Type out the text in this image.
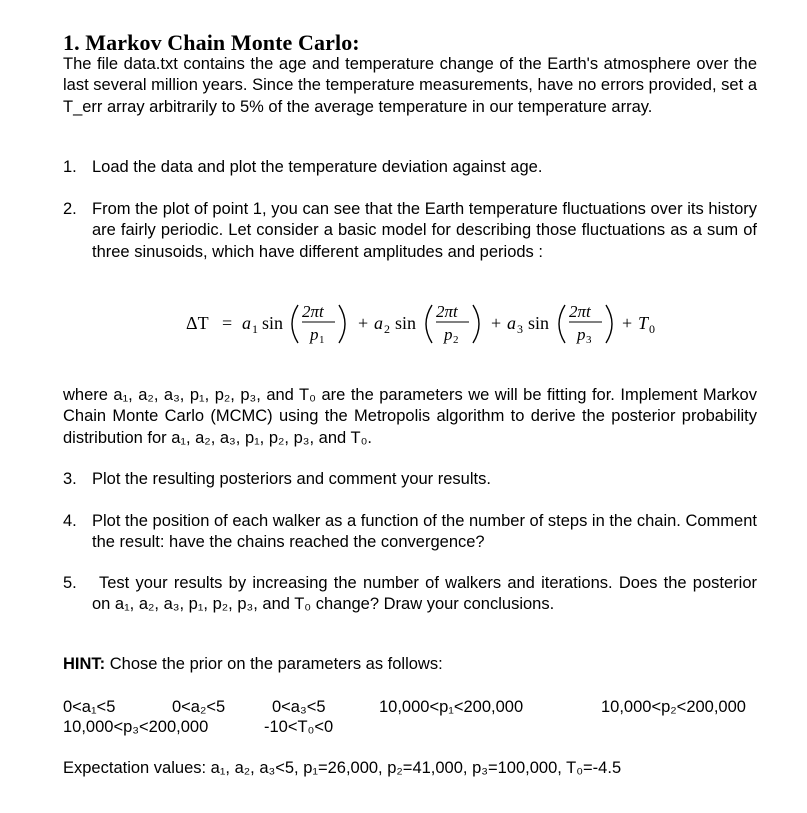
1. Markov Chain Monte Carlo:
The file data.txt contains the age and temperature change of the Earth's atmosphere over the last several million years. Since the temperature measurements, have no errors provided, set a T_err array arbitrarily to 5% of the average temperature in our temperature array.
1. Load the data and plot the temperature deviation against age.
2. From the plot of point 1, you can see that the Earth temperature fluctuations over its history are fairly periodic. Let consider a basic model for describing those fluctuations as a sum of three sinusoids, which have different amplitudes and periods :
ΔT = a 1 sin
2πt
p 1
+ a 2 sin
2πt
p 2
+ a 3 sin
2πt
p 3
+ T 0
where a₁, a₂, a₃, p₁, p₂, p₃, and T₀ are the parameters we will be fitting for. Implement Markov Chain Monte Carlo (MCMC) using the Metropolis algorithm to derive the posterior probability distribution for a₁, a₂, a₃, p₁, p₂, p₃, and T₀.
3. Plot the resulting posteriors and comment your results.
4. Plot the position of each walker as a function of the number of steps in the chain. Comment the result: have the chains reached the convergence?
5.	Test your results by increasing the number of walkers and iterations. Does the posterior on a₁, a₂, a₃, p₁, p₂, p₃, and T₀ change? Draw your conclusions.
HINT: Chose the prior on the parameters as follows:
0<a₁<5	0<a₂<5	0<a₃<5	10,000<p₁<200,000	10,000<p₂<200,000
10,000<p₃<200,000	-10<T₀<0
Expectation values: a₁, a₂, a₃<5, p₁=26,000, p₂=41,000, p₃=100,000, T₀=-4.5
